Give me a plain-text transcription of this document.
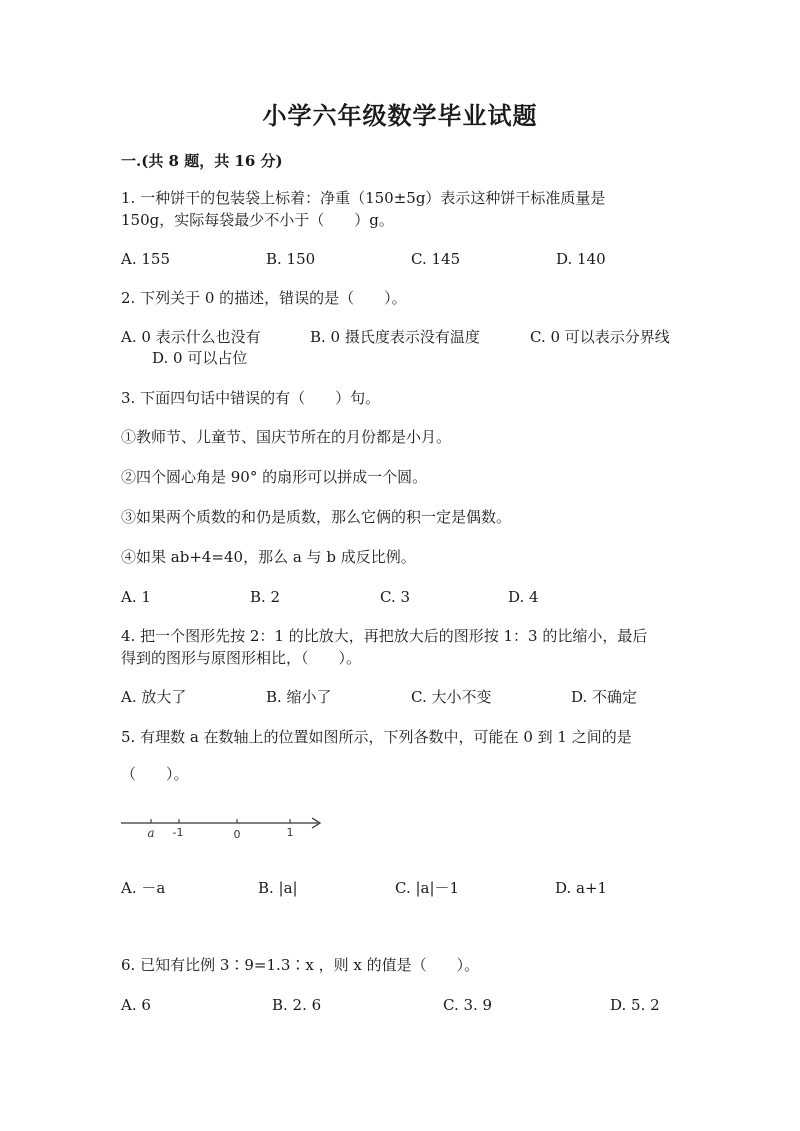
小学六年级数学毕业试题
一.(共 8 题，共 16 分)
1. 一种饼干的包装袋上标着：净重（150±5g）表示这种饼干标准质量是
150g，实际每袋最少不小于（　　）g。
A. 155	B. 150	C. 145	D. 140
2. 下列关于 0 的描述，错误的是（　　）。
A. 0 表示什么也没有	B. 0 摄氏度表示没有温度	C. 0 可以表示分界线
D. 0 可以占位
3. 下面四句话中错误的有（　　）句。
①教师节、儿童节、国庆节所在的月份都是小月。
②四个圆心角是 90° 的扇形可以拼成一个圆。
③如果两个质数的和仍是质数，那么它俩的积一定是偶数。
④如果 ab+4=40，那么 a 与 b 成反比例。
A. 1	B. 2	C. 3	D. 4
4. 把一个图形先按 2：1 的比放大，再把放大后的图形按 1：3 的比缩小，最后
得到的图形与原图形相比，（　　）。
A. 放大了	B. 缩小了	C. 大小不变	D. 不确定
5. 有理数 a 在数轴上的位置如图所示，下列各数中，可能在 0 到 1 之间的是
（　　）。
a -1	0	1
A. －a	B. |a|	C. |a|－1	D. a+1
6. 已知有比例 3∶9=1.3∶x ，则 x 的值是（　　）。
A. 6	B. 2. 6	C. 3. 9	D. 5. 2
